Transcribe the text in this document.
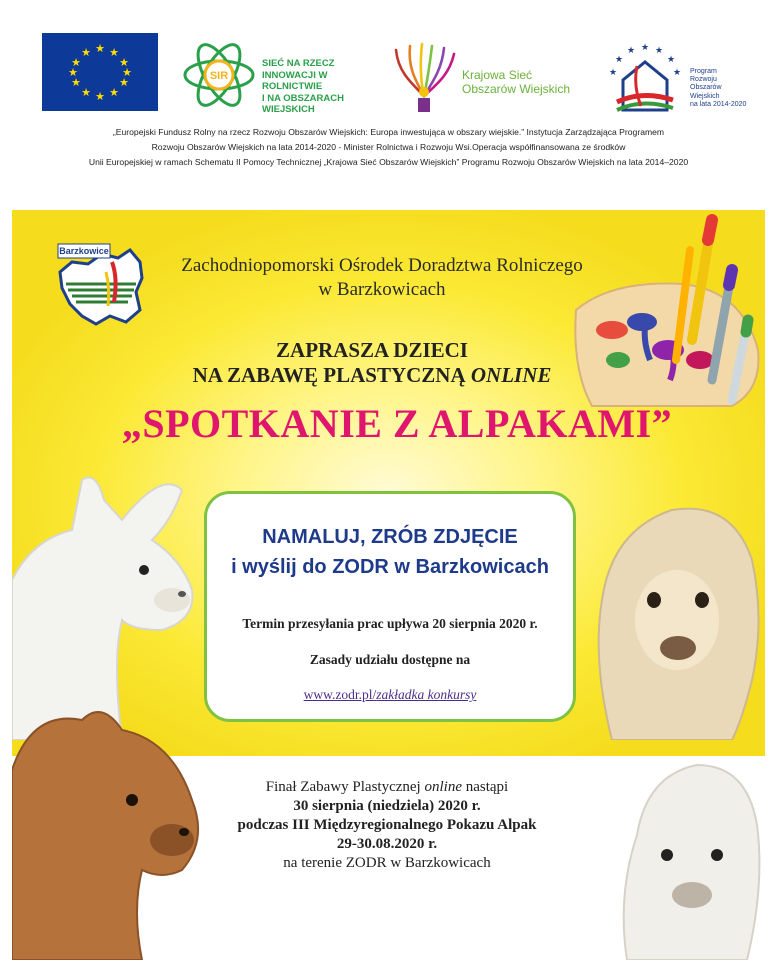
★ ★
★
★
★
★
★
★
★
★
★
★
SIR
SIEĆ NA RZECZ
INNOWACJI W ROLNICTWIE
I NA OBSZARACH WIEJSKICH
Krajowa Sieć
Obszarów Wiejskich
★ ★
★
★
★
★
★	Program
Rozwoju
Obszarów
Wiejskich
na lata 2014-2020
„Europejski Fundusz Rolny na rzecz Rozwoju Obszarów Wiejskich: Europa inwestująca w obszary wiejskie.” Instytucja Zarządzająca Programem
Rozwoju Obszarów Wiejskich na lata 2014-2020 - Minister Rolnictwa i Rozwoju Wsi.Operacja współfinansowana ze środków
Unii Europejskiej w ramach Schematu II Pomocy Technicznej „Krajowa Sieć Obszarów Wiejskich” Programu Rozwoju Obszarów Wiejskich na lata 2014–2020
Barzkowice
Zachodniopomorski Ośrodek Doradztwa Rolniczego
w Barzkowicach
ZAPRASZA DZIECI
NA ZABAWĘ PLASTYCZNĄ ONLINE
„SPOTKANIE Z ALPAKAMI”
NAMALUJ, ZRÓB ZDJĘCIE
i wyślij do ZODR w Barzkowicach
Termin przesyłania prac upływa 20 sierpnia 2020 r.
Zasady udziału dostępne na
www.zodr.pl/zakładka konkursy
Finał Zabawy Plastycznej online nastąpi
30 sierpnia (niedziela) 2020 r.
podczas III Międzyregionalnego Pokazu Alpak
29-30.08.2020 r.
na terenie ZODR w Barzkowicach
